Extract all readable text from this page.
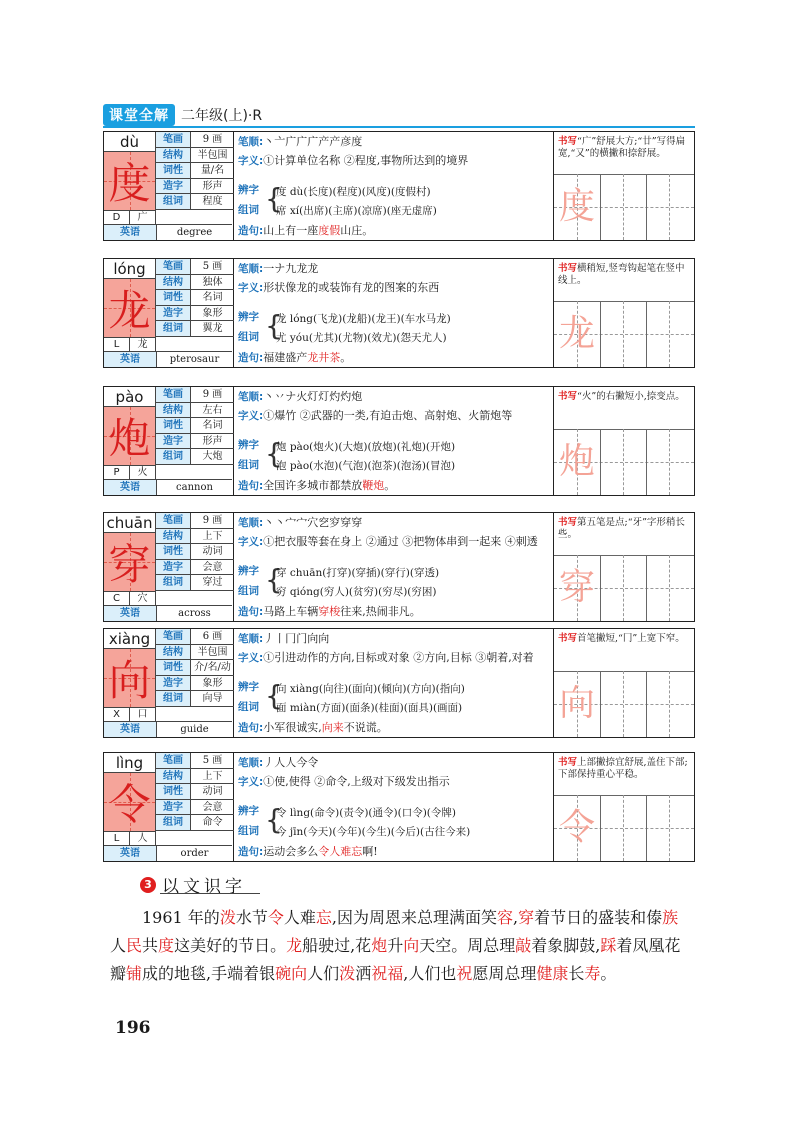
课堂全解 二年级(上)·R
dù
度
D	广
笔画	9 画
结构	半包围
词性	量/名
造字	形声
组词	程度
英语	degree
笔顺:丶亠广广广产产彦度
字义:①计算单位名称 ②程度,事物所达到的境界
辨字
组词 {
度 dù(长度)(程度)(风度)(度假村)
席 xí(出席)(主席)(凉席)(座无虚席)
造句:山上有一座度假山庄。
书写“广”舒展大方;“廿”写得扁宽,“又”的横撇和捺舒展。
度
lóng
龙
L	龙
笔画	5 画
结构	独体
词性	名词
造字	象形
组词	翼龙
英语	pterosaur
笔顺:一ナ九龙龙
字义:形状像龙的或装饰有龙的图案的东西
辨字
组词 {
龙 lóng(飞龙)(龙船)(龙王)(车水马龙)
尤 yóu(尤其)(尤物)(效尤)(怨天尤人)
造句:福建盛产龙井茶。
书写横稍短,竖弯钩起笔在竖中线上。
龙
pào
炮
P	火
笔画	9 画
结构	左右
词性	名词
造字	形声
组词	大炮
英语	cannon
笔顺:丶丷ナ火灯灯灼灼炮
字义:①爆竹 ②武器的一类,有迫击炮、高射炮、火箭炮等
辨字
组词 {
炮 pào(炮火)(大炮)(放炮)(礼炮)(开炮)
泡 pào(水泡)(气泡)(泡茶)(泡汤)(冒泡)
造句:全国许多城市都禁放鞭炮。
书写“火”的右撇短小,捺变点。
炮
chuān
穿
C	穴
笔画	9 画
结构	上下
词性	动词
造字	会意
组词	穿过
英语	across
笔顺:丶丶宀宀穴穵穸穿穿
字义:①把衣服等套在身上 ②通过 ③把物体串到一起来 ④刺透
辨字
组词 {
穿 chuān(打穿)(穿插)(穿行)(穿透)
穷 qióng(穷人)(贫穷)(穷尽)(穷困)
造句:马路上车辆穿梭往来,热闹非凡。
书写第五笔是点;“牙”字形稍长些。
穿
xiàng
向
X	口
笔画	6 画
结构	半包围
词性	介/名/动
造字	象形
组词	向导
英语	guide
笔顺:丿丨冂门向向
字义:①引进动作的方向,目标或对象 ②方向,目标 ③朝着,对着
辨字
组词 {
向 xiàng(向往)(面向)(倾向)(方向)(指向)
面 miàn(方面)(面条)(桂面)(面具)(画面)
造句:小军很诚实,向来不说谎。
书写首笔撇短,“冂”上宽下窄。
向
lìng
令
L	人
笔画	5 画
结构	上下
词性	动词
造字	会意
组词	命令
英语	order
笔顺:丿人人今令
字义:①使,使得 ②命令,上级对下级发出指示
辨字
组词 {
令 lìng(命令)(责令)(通令)(口令)(令牌)
今 jīn(今天)(今年)(今生)(今后)(古往今来)
造句:运动会多么令人难忘啊!
书写上部撇捺宜舒展,盖住下部;下部保持重心平稳。
令
3 以文识字
1961 年的泼水节令人难忘,因为周恩来总理满面笑容,穿着节日的盛装和傣族人民共度这美好的节日。龙船驶过,花炮升向天空。周总理敲着象脚鼓,踩着凤凰花瓣铺成的地毯,手端着银碗向人们泼洒祝福,人们也祝愿周总理健康长寿。
196
